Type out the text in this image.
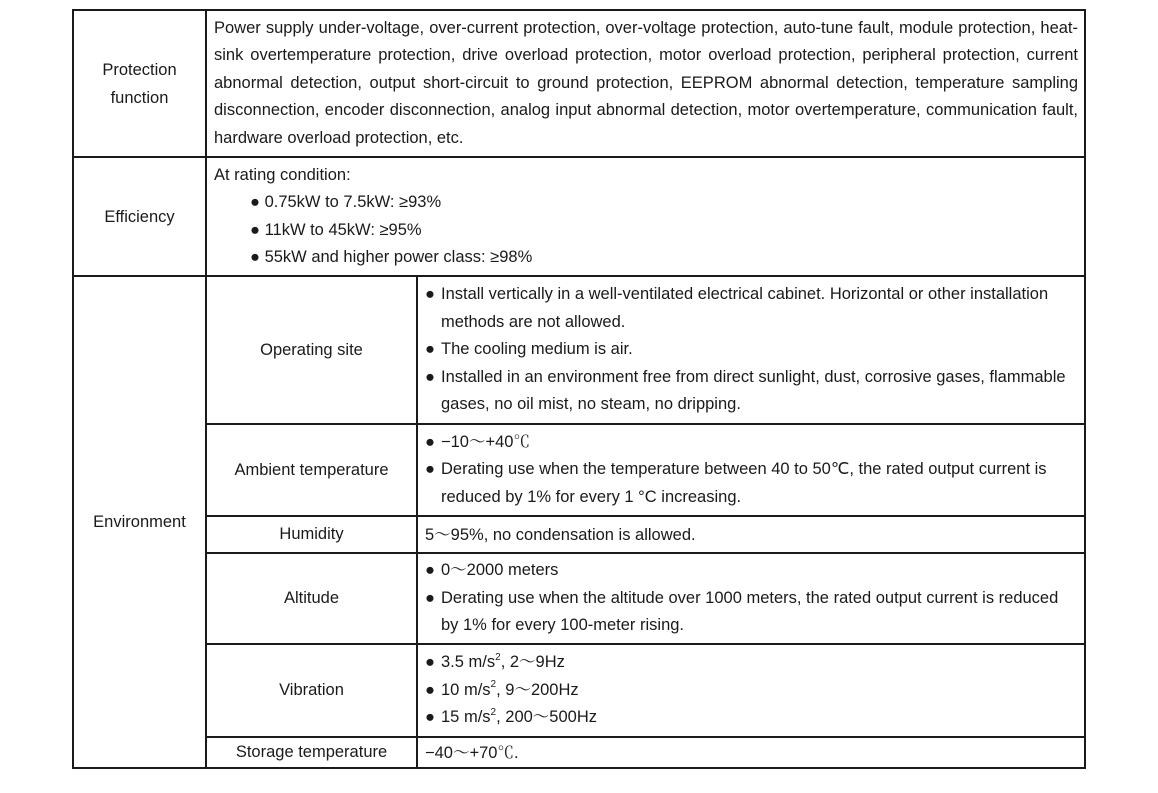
Protection
function	Power supply under-voltage, over-current protection, over-voltage protection, auto-tune fault, module protection, heat-sink overtemperature protection, drive overload protection, motor overload protection, peripheral protection, current abnormal detection, output short-circuit to ground protection, EEPROM abnormal detection, temperature sampling disconnection, encoder disconnection, analog input abnormal detection, motor overtemperature, communication fault, hardware overload protection, etc.	

Efficiency	At rating condition:
● 0.75kW to 7.5kW: ≥93%
● 11kW to 45kW: ≥95%
● 55kW and higher power class: ≥98%	

Environment	Operating site	● Install vertically in a well-ventilated electrical cabinet. Horizontal or other installation methods are not allowed.
● The cooling medium is air.
● Installed in an environment free from direct sunlight, dust, corrosive gases, flammable gases, no oil mist, no steam, no dripping.

	Ambient temperature	● −10～+40℃
● Derating use when the temperature between 40 to 50℃, the rated output current is reduced by 1% for every 1 °C increasing.

	Humidity	5～95%, no condensation is allowed.

	Altitude	● 0～2000 meters
● Derating use when the altitude over 1000 meters, the rated output current is reduced by 1% for every 100-meter rising.

	Vibration	● 3.5 $m/s^2$, 2～9Hz
● 10 $m/s^2$, 9～200Hz
● 15 $m/s^2$, 200～500Hz

	Storage temperature	−40～+70℃.
